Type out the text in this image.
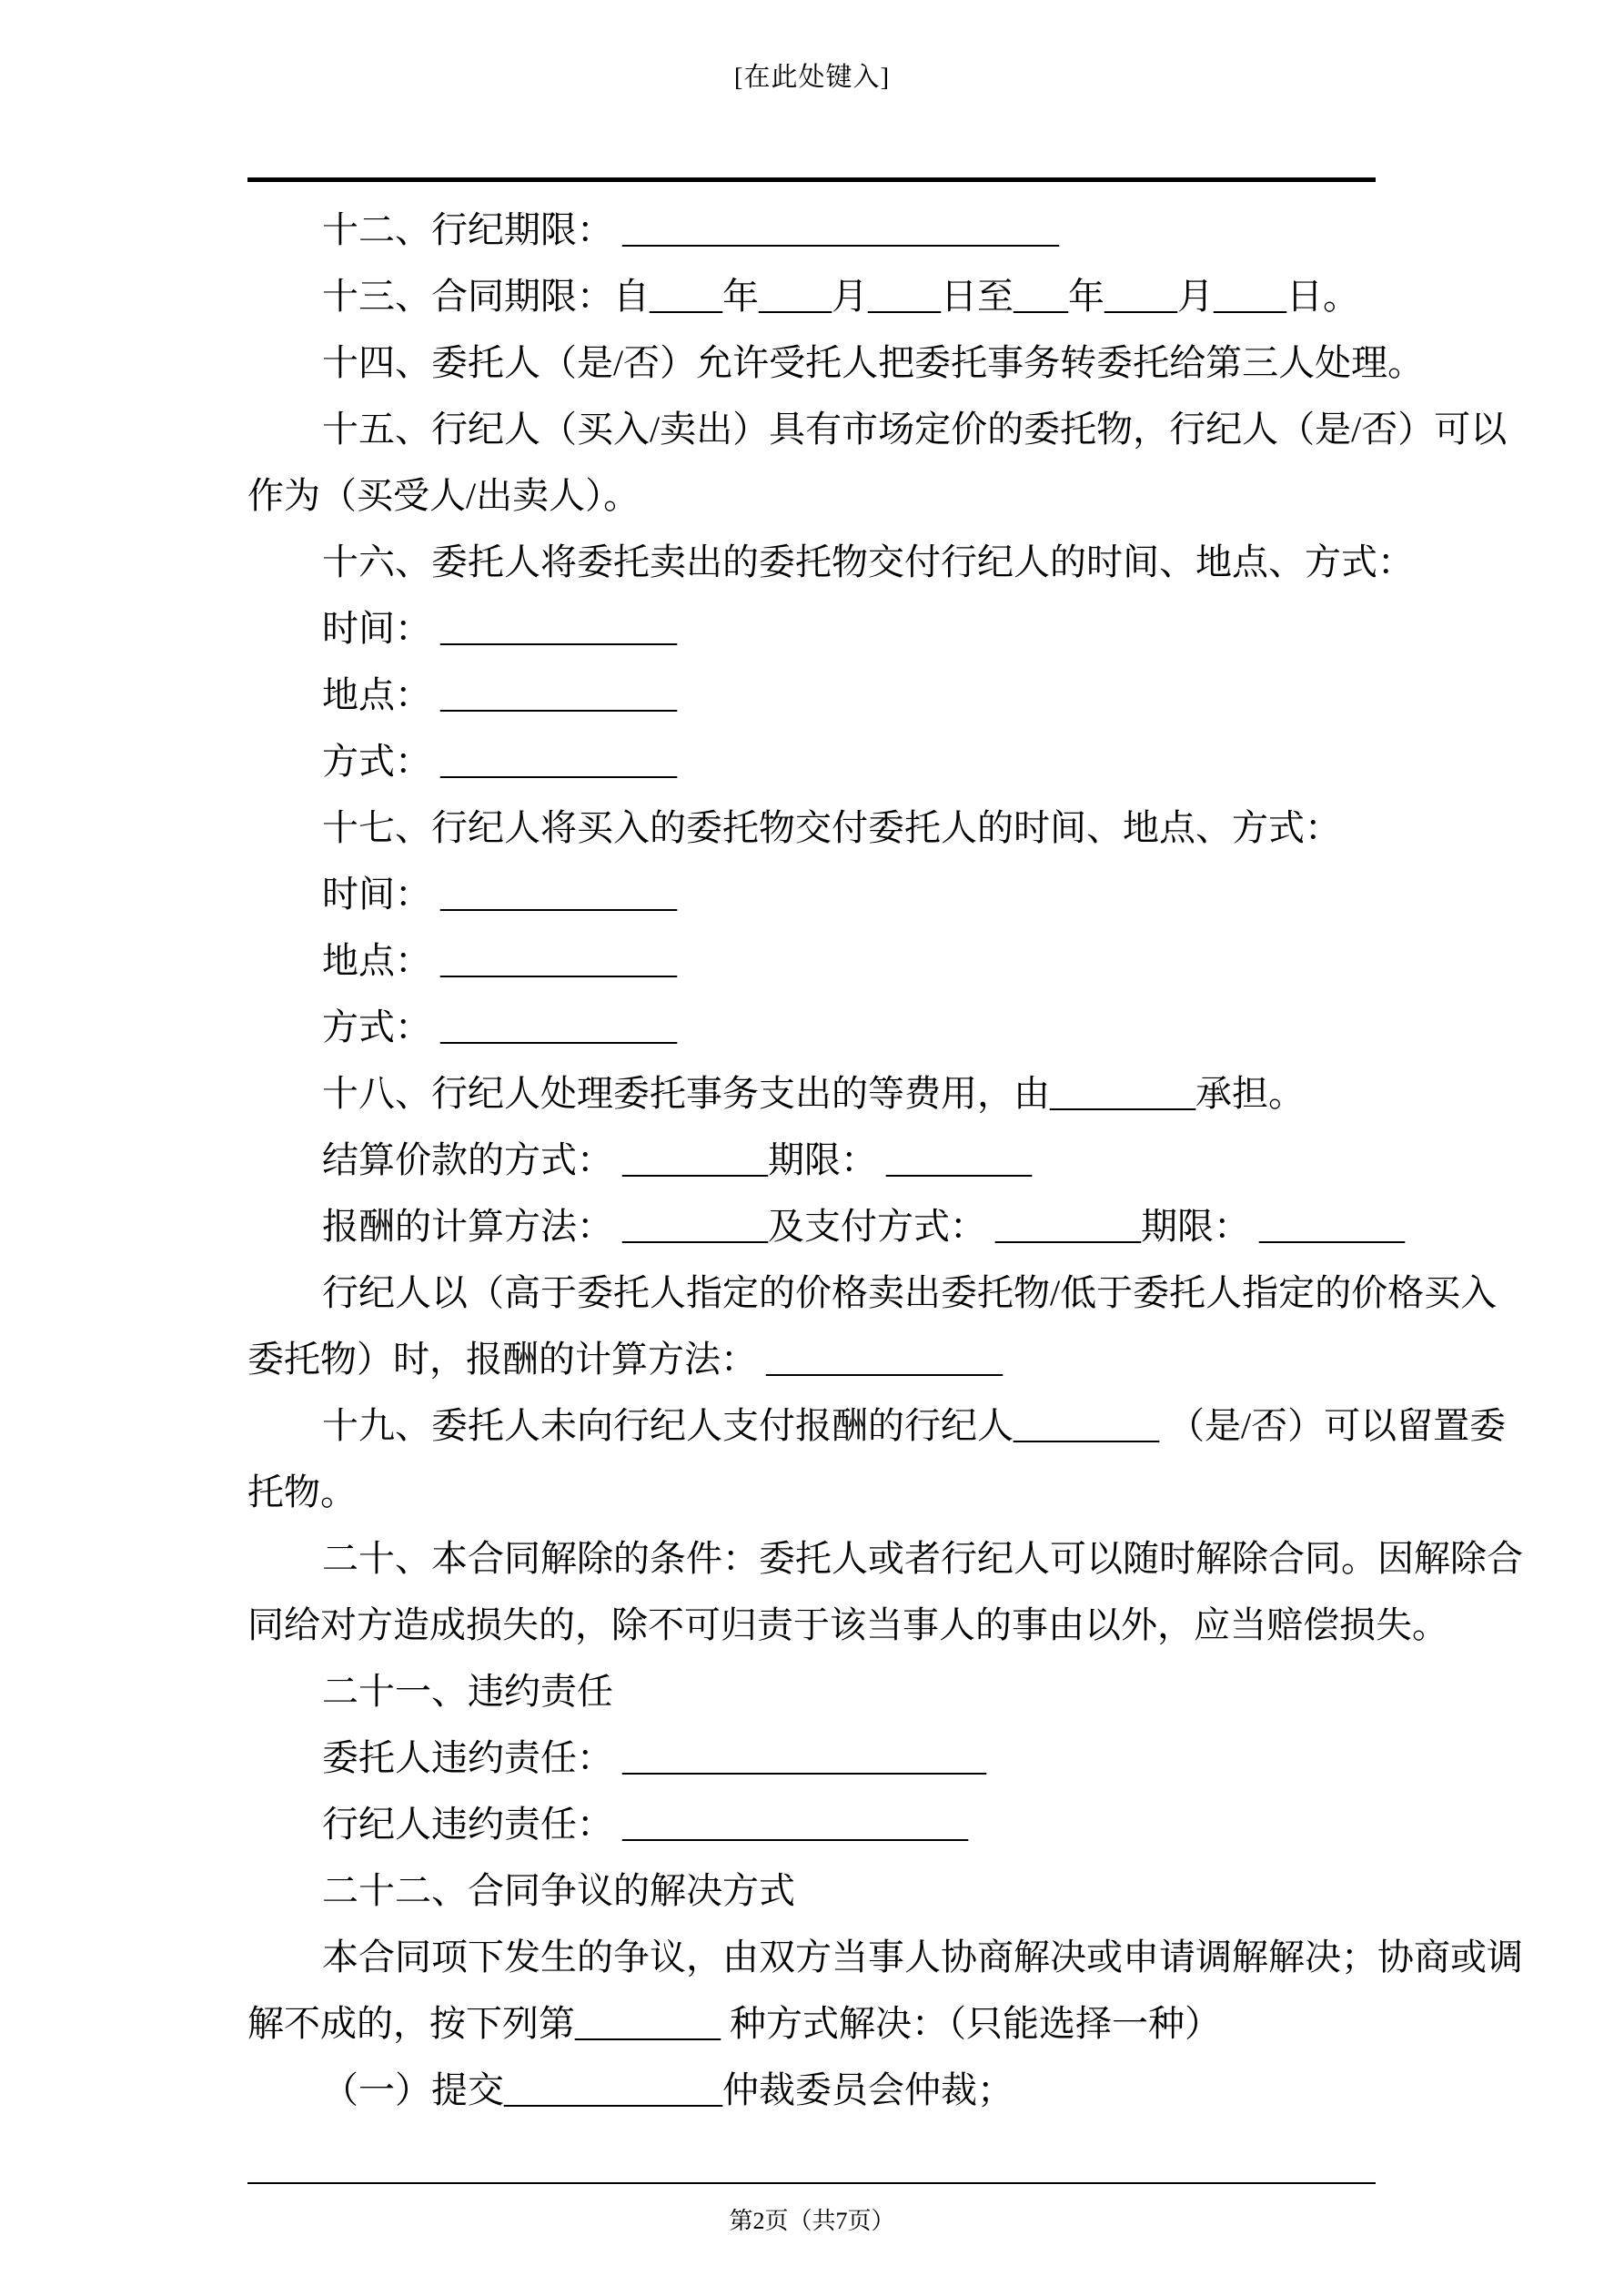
[在此处键入]
十二、行纪期限： ________________________
十三、合同期限：自____年____月____日至___年____月____日。
十四、委托人（是/否）允许受托人把委托事务转委托给第三人处理。
十五、行纪人（买入/卖出）具有市场定价的委托物，行纪人（是/否）可以
作为（买受人/出卖人）。
十六、委托人将委托卖出的委托物交付行纪人的时间、地点、方式：
时间： _____________
地点： _____________
方式： _____________
十七、行纪人将买入的委托物交付委托人的时间、地点、方式：
时间： _____________
地点： _____________
方式： _____________
十八、行纪人处理委托事务支出的等费用，由________承担。
结算价款的方式： ________期限： ________
报酬的计算方法： ________及支付方式： ________期限： ________
行纪人以（高于委托人指定的价格卖出委托物/低于委托人指定的价格买入
委托物）时，报酬的计算方法： _____________
十九、委托人未向行纪人支付报酬的行纪人________ （是/否）可以留置委
托物。
二十、本合同解除的条件：委托人或者行纪人可以随时解除合同。因解除合
同给对方造成损失的，除不可归责于该当事人的事由以外，应当赔偿损失。
二十一、违约责任
委托人违约责任： ____________________
行纪人违约责任： ___________________
二十二、合同争议的解决方式
本合同项下发生的争议，由双方当事人协商解决或申请调解解决；协商或调
解不成的，按下列第________ 种方式解决：（只能选择一种）
（一）提交____________仲裁委员会仲裁；
第2页（共7页）
